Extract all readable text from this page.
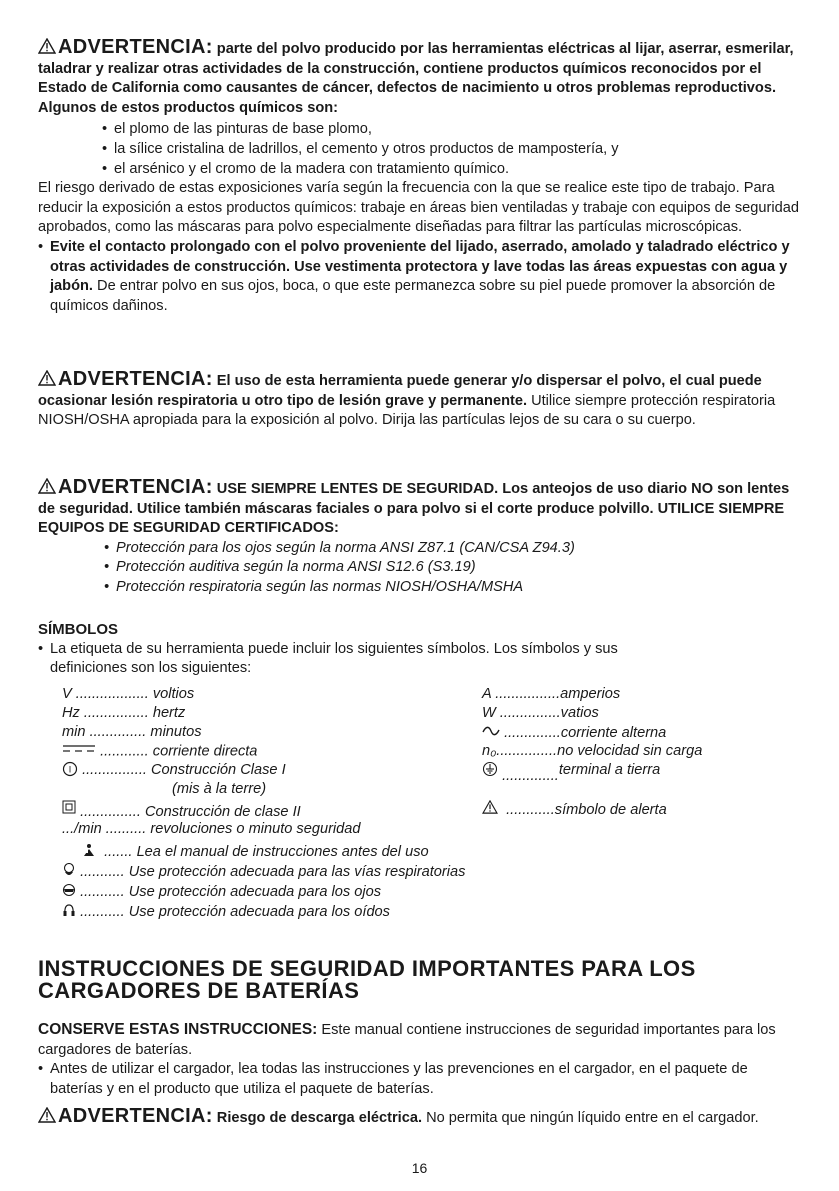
ADVERTENCIA: parte del polvo producido por las herramientas eléctricas al lijar, aserrar, esmerilar, taladrar y realizar otras actividades de la construcción, contiene productos químicos reconocidos por el Estado de California como causantes de cáncer, defectos de nacimiento u otros problemas reproductivos. Algunos de estos productos químicos son:
• el plomo de las pinturas de base plomo,
• la sílice cristalina de ladrillos, el cemento y otros productos de mampostería, y
• el arsénico y el cromo de la madera con tratamiento químico.
El riesgo derivado de estas exposiciones varía según la frecuencia con la que se realice este tipo de trabajo. Para reducir la exposición a estos productos químicos: trabaje en áreas bien ventiladas y trabaje con equipos de seguridad aprobados, como las máscaras para polvo especialmente diseñadas para filtrar las partículas microscópicas.
• Evite el contacto prolongado con el polvo proveniente del lijado, aserrado, amolado y taladrado eléctrico y otras actividades de construcción. Use vestimenta protectora y lave todas las áreas expuestas con agua y jabón. De entrar polvo en sus ojos, boca, o que este permanezca sobre su piel puede promover la absorción de químicos dañinos.
ADVERTENCIA: El uso de esta herramienta puede generar y/o dispersar el polvo, el cual puede ocasionar lesión respiratoria u otro tipo de lesión grave y permanente. Utilice siempre protección respiratoria NIOSH/OSHA apropiada para la exposición al polvo. Dirija las partículas lejos de su cara o su cuerpo.
ADVERTENCIA: USE SIEMPRE LENTES DE SEGURIDAD. Los anteojos de uso diario NO son lentes de seguridad. Utilice también máscaras faciales o para polvo si el corte produce polvillo. UTILICE SIEMPRE EQUIPOS DE SEGURIDAD CERTIFICADOS:
• Protección para los ojos según la norma ANSI Z87.1 (CAN/CSA Z94.3)
• Protección auditiva según la norma ANSI S12.6 (S3.19)
• Protección respiratoria según las normas NIOSH/OSHA/MSHA
SÍMBOLOS
• La etiqueta de su herramienta puede incluir los siguientes símbolos. Los símbolos y sus definiciones son los siguientes:
V .................. voltios
Hz ................ hertz
min .............. minutos
............ corriente directa
I ................ Construcción Clase I
(mis à la terre)
............... Construcción de clase II
.../min .......... revoluciones o minuto seguridad
A ................amperios
W ...............vatios
..............corriente alterna
n₀...............no velocidad sin carga
..............terminal a tierra
............símbolo de alerta
....... Lea el manual de instrucciones antes del uso
........... Use protección adecuada para las vías respiratorias
........... Use protección adecuada para los ojos
........... Use protección adecuada para los oídos
INSTRUCCIONES DE SEGURIDAD IMPORTANTES PARA LOS
CARGADORES DE BATERÍAS
CONSERVE ESTAS INSTRUCCIONES: Este manual contiene instrucciones de seguridad importantes para los cargadores de baterías.
• Antes de utilizar el cargador, lea todas las instrucciones y las prevenciones en el cargador, en el paquete de baterías y en el producto que utiliza el paquete de baterías.
ADVERTENCIA: Riesgo de descarga eléctrica. No permita que ningún líquido entre en el cargador.
16
